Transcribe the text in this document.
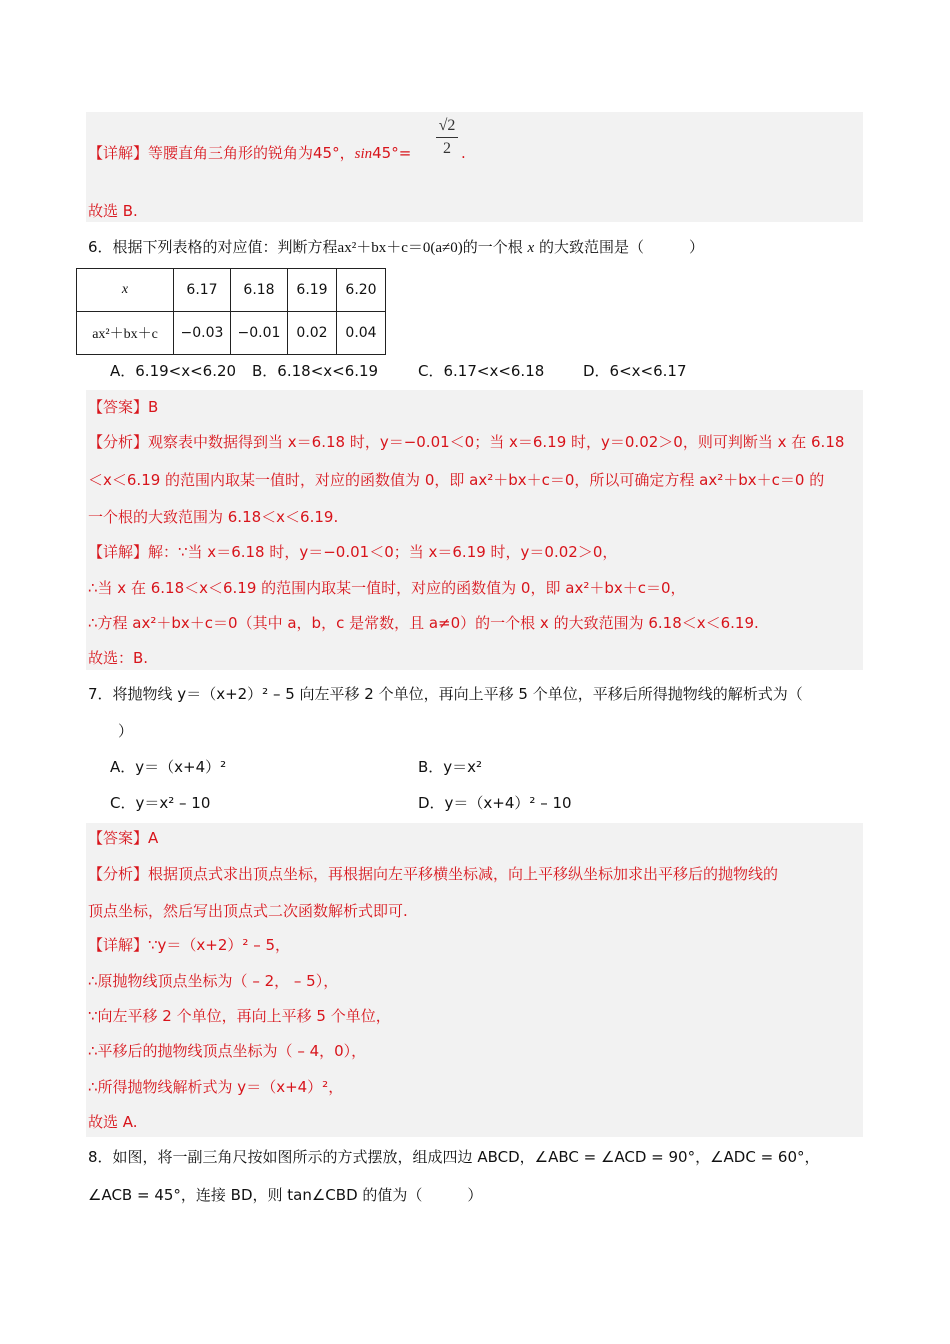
【详解】等腰直角三角形的锐角为45°，sin45°=
√2
2 .
故选 B.
6．根据下列表格的对应值：判断方程ax²＋bx＋c＝0(a≠0)的一个根 x 的大致范围是（　　　）
x	6.17	6.18	6.19	6.20
ax²＋bx＋c	−0.03	−0.01	0.02	0.04
A．6.19<x<6.20 B．6.18<x<6.19	C．6.17<x<6.18	D．6<x<6.17
【答案】B
【分析】观察表中数据得到当 x＝6.18 时，y＝−0.01＜0；当 x＝6.19 时，y＝0.02＞0，则可判断当 x 在 6.18
＜x＜6.19 的范围内取某一值时，对应的函数值为 0，即 ax²＋bx＋c＝0，所以可确定方程 ax²＋bx＋c＝0 的
一个根的大致范围为 6.18＜x＜6.19.
【详解】解：∵当 x＝6.18 时，y＝−0.01＜0；当 x＝6.19 时，y＝0.02＞0，
∴当 x 在 6.18＜x＜6.19 的范围内取某一值时，对应的函数值为 0，即 ax²＋bx＋c＝0，
∴方程 ax²＋bx＋c＝0（其中 a，b，c 是常数，且 a≠0）的一个根 x 的大致范围为 6.18＜x＜6.19.
故选：B.
7．将抛物线 y＝（x+2）² – 5 向左平移 2 个单位，再向上平移 5 个单位，平移后所得抛物线的解析式为（
）
A．y＝（x+4）²	B．y＝x²
C．y＝x² – 10	D．y＝（x+4）² – 10
【答案】A
【分析】根据顶点式求出顶点坐标，再根据向左平移横坐标减，向上平移纵坐标加求出平移后的抛物线的
顶点坐标，然后写出顶点式二次函数解析式即可.
【详解】∵y＝（x+2）² – 5，
∴原抛物线顶点坐标为（ – 2， – 5），
∵向左平移 2 个单位，再向上平移 5 个单位，
∴平移后的抛物线顶点坐标为（ – 4，0），
∴所得抛物线解析式为 y＝（x+4）²，
故选 A.
8．如图，将一副三角尺按如图所示的方式摆放，组成四边 ABCD，∠ABC = ∠ACD = 90°，∠ADC = 60°，
∠ACB = 45°，连接 BD，则 tan∠CBD 的值为（　　　）
